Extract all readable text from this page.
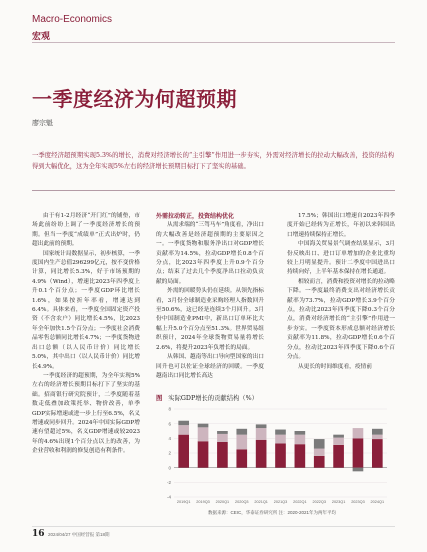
Macro-Economics
宏观
一季度经济为何超预期
廖宗魁

一季度经济超预期实现5.3%的增长，消费对经济增长的“主引擎”作用进一步夯实，外需对经济增长的拉动大幅改善，投资的结构得到大幅优化，这为全年实现5%左右的经济增长预期目标打下了坚实的基础。

由于有1-2月经济“开门红”的铺垫，市场此前纷纷上调了一季度经济增长的预期。但当一季度“成绩单”正式出炉时，仍超出此前的预期。

国家统计局数据显示，初步核算，一季度国内生产总值296299亿元，按不变价格计算，同比增长5.3%，好于市场预期的4.9%（Wind），增速比2023年四季度上升0.1个百分点；一季度GDP环比增长1.6%，如果按折年率看，增速达到6.4%。具体来看，一季度全国固定资产投资（不含农户）同比增长4.5%，比2023年全年加快1.5个百分点；一季度社会消费品零售总额同比增长4.7%；一季度货物进出口总额（以人民币计价）同比增长5.0%，其中出口（以人民币计价）同比增长4.9%。

一季度经济的超预期，为全年实现5%左右的经济增长预期目标打下了坚实的基础。招商银行研究院预计，二季度随着基数走低叠加政策托举、物价改善，单季GDP实际增速或进一步上行至6.5%，名义增速或同步回升。2024年中国实际GDP增速有望超过5%，名义GDP增速或较2023年的4.6%出现1个百分点以上的改善，为企业营收和利润的修复创造有利条件。

外需拉动转正，投资结构优化

从需求端的“三驾马车”角度看，净出口的大幅改善是经济超预期的主要原因之一。一季度货物和服务净出口对GDP增长贡献率为14.5%，拉动GDP增长0.8个百分点，比2023年四季度上升0.9个百分点；结束了过去几个季度净出口拉动负贡献的局面。

外需的回暖势头仍在延续。从领先指标看，3月份全球制造业采购经理人指数回升至50.6%，这已经是连续3个月回升。3月份中国制造业PMI中，新出口订单环比大幅上升5.0个百分点至51.3%。世界贸易组织预计，2024年全球货物贸易量将增长2.6%，将提升2023年负增长的局面。

从韩国、越南等出口导向型国家的出口回升也可以佐证全球经济的回暖。一季度越南出口同比增长高达

17.5%；韩国出口增速自2023年四季度开始已经转为正增长，年初以来韩国出口增速持续保持正增长。

中国海关贸易景气调查结果显示，3月份反映出口、进口订单增加的企业比重均较上月明显提升。预计二季度中国进出口持续向好，上半年基本保持在增长通道。

相较而言，消费和投资对增长的拉动略下降。一季度最终消费支出对经济增长贡献率为73.7%，拉动GDP增长3.9个百分点，拉动比2023年四季度下降0.3个百分点，消费对经济增长的“主引擎”作用进一步夯实。一季度资本形成总额对经济增长贡献率为11.8%，拉动GDP增长0.6个百分点，拉动比2023年四季度下降0.6个百分点。

从更长的时间维度看，疫情前

图 实际GDP增长的贡献结构（%）
-4
-2
0
2
4
6
8
2019Q1 2019Q3 2020Q1 2020Q3 2021Q1 2021Q3 2022Q1 2022Q3 2023Q1 2023Q3 2024Q1
数据来源：CEIC，华泰证券研究所 注：2020-2021年为两年平均
16 2024/04/27 中国经营报 第18期
